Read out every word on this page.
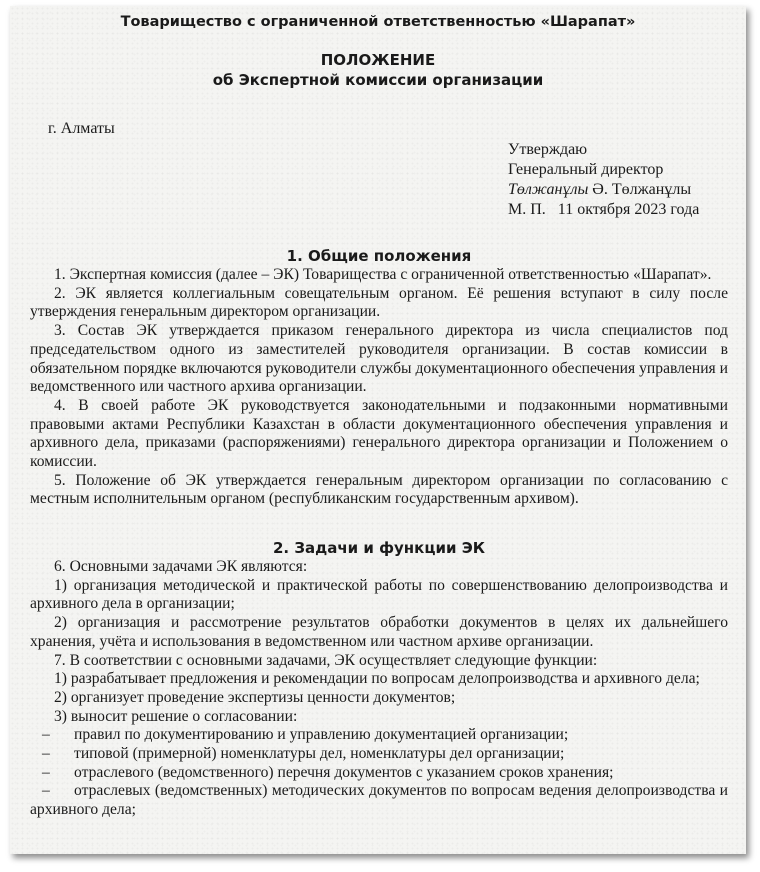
Товарищество с ограниченной ответственностью «Шарапат»
ПОЛОЖЕНИЕ
об Экспертной комиссии организации
г. Алматы
Утверждаю
Генеральный директор
Төлжанұлы Ә. Төлжанұлы
М. П. 11 октября 2023 года

1. Общие положения

1. Экспертная комиссия (далее – ЭК) Товарищества с ограниченной ответственностью «Шарапат».

2. ЭК является коллегиальным совещательным органом. Её решения вступают в силу после утверждения генеральным директором организации.

3. Состав ЭК утверждается приказом генерального директора из числа специалистов под председательством одного из заместителей руководителя организации. В состав комиссии в обязательном порядке включаются руководители службы документационного обеспечения управления и ведомственного или частного архива организации.

4. В своей работе ЭК руководствуется законодательными и подзаконными нормативными правовыми актами Республики Казахстан в области документационного обеспечения управления и архивного дела, приказами (распоряжениями) генерального директора организации и Положением о комиссии.

5. Положение об ЭК утверждается генеральным директором организации по согласованию с местным исполнительным органом (республиканским государственным архивом).

2. Задачи и функции ЭК

6. Основными задачами ЭК являются:

1) организация методической и практической работы по совершенствованию делопроизводства и архивного дела в организации;

2) организация и рассмотрение результатов обработки документов в целях их дальнейшего хранения, учёта и использования в ведомственном или частном архиве организации.

7. В соответствии с основными задачами, ЭК осуществляет следующие функции:

1) разрабатывает предложения и рекомендации по вопросам делопроизводства и архивного дела;

2) организует проведение экспертизы ценности документов;

3) выносит решение о согласовании:

– правил по документированию и управлению документацией организации;

– типовой (примерной) номенклатуры дел, номенклатуры дел организации;

– отраслевого (ведомственного) перечня документов с указанием сроков хранения;

– отраслевых (ведомственных) методических документов по вопросам ведения делопроизводства и архивного дела;
